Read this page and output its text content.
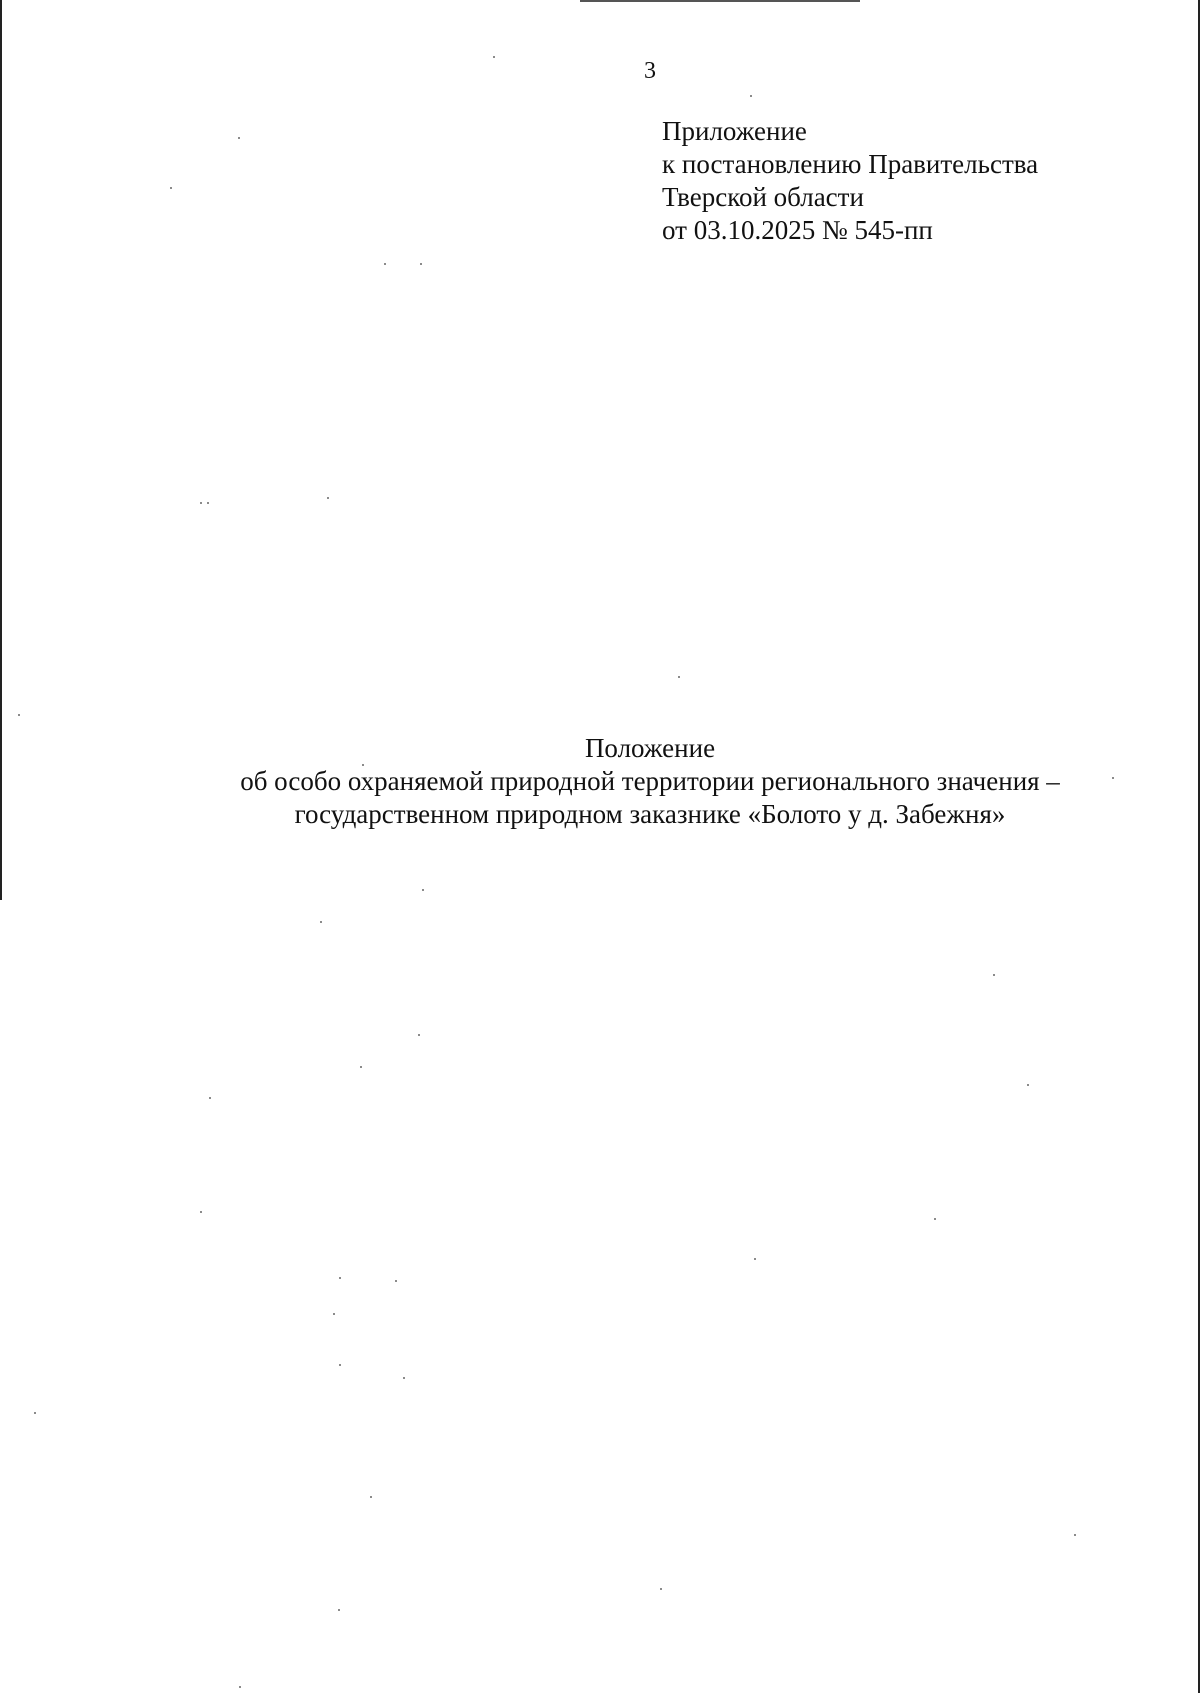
3
Приложение
к постановлению Правительства
Тверской области
от 03.10.2025 № 545-пп
Положение
об особо охраняемой природной территории регионального значения –
государственном природном заказнике «Болото у д. Забежня»
